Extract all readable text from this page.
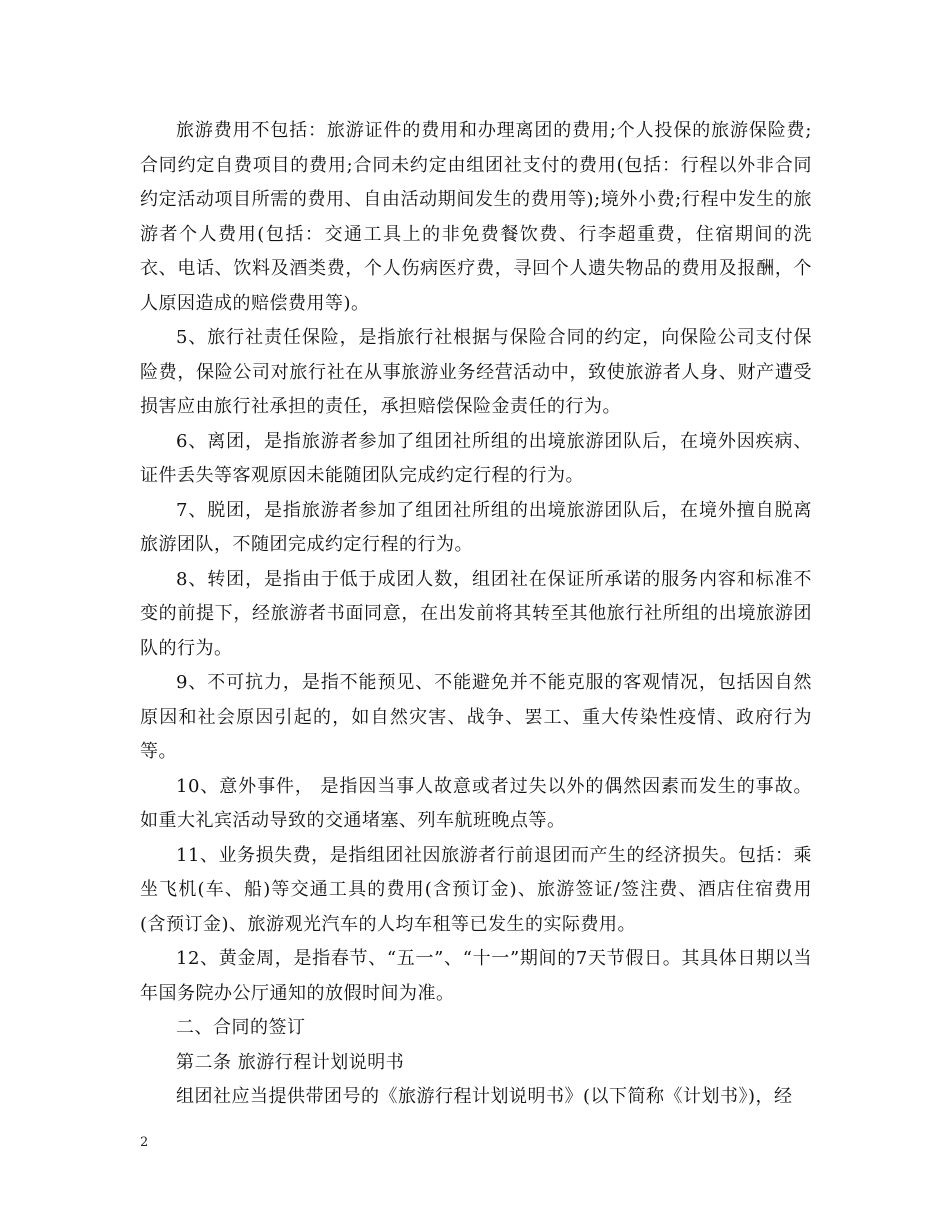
旅游费用不包括：旅游证件的费用和办理离团的费用;个人投保的旅游保险费;合同约定自费项目的费用;合同未约定由组团社支付的费用(包括：行程以外非合同约定活动项目所需的费用、自由活动期间发生的费用等);境外小费;行程中发生的旅游者个人费用(包括：交通工具上的非免费餐饮费、行李超重费，住宿期间的洗衣、电话、饮料及酒类费，个人伤病医疗费，寻回个人遗失物品的费用及报酬，个人原因造成的赔偿费用等)。

5、旅行社责任保险，是指旅行社根据与保险合同的约定，向保险公司支付保险费，保险公司对旅行社在从事旅游业务经营活动中，致使旅游者人身、财产遭受损害应由旅行社承担的责任，承担赔偿保险金责任的行为。

6、离团，是指旅游者参加了组团社所组的出境旅游团队后，在境外因疾病、证件丢失等客观原因未能随团队完成约定行程的行为。

7、脱团，是指旅游者参加了组团社所组的出境旅游团队后，在境外擅自脱离旅游团队，不随团完成约定行程的行为。

8、转团，是指由于低于成团人数，组团社在保证所承诺的服务内容和标准不变的前提下，经旅游者书面同意，在出发前将其转至其他旅行社所组的出境旅游团队的行为。

9、不可抗力，是指不能预见、不能避免并不能克服的客观情况，包括因自然原因和社会原因引起的，如自然灾害、战争、罢工、重大传染性疫情、政府行为等。

10、意外事件， 是指因当事人故意或者过失以外的偶然因素而发生的事故。如重大礼宾活动导致的交通堵塞、列车航班晚点等。

11、业务损失费，是指组团社因旅游者行前退团而产生的经济损失。包括：乘坐飞机(车、船)等交通工具的费用(含预订金)、旅游签证/签注费、酒店住宿费用(含预订金)、旅游观光汽车的人均车租等已发生的实际费用。

12、黄金周，是指春节、“五一”、“十一”期间的7天节假日。其具体日期以当年国务院办公厅通知的放假时间为准。

二、合同的签订

第二条 旅游行程计划说明书

组团社应当提供带团号的《旅游行程计划说明书》(以下简称《计划书》)，经

2
